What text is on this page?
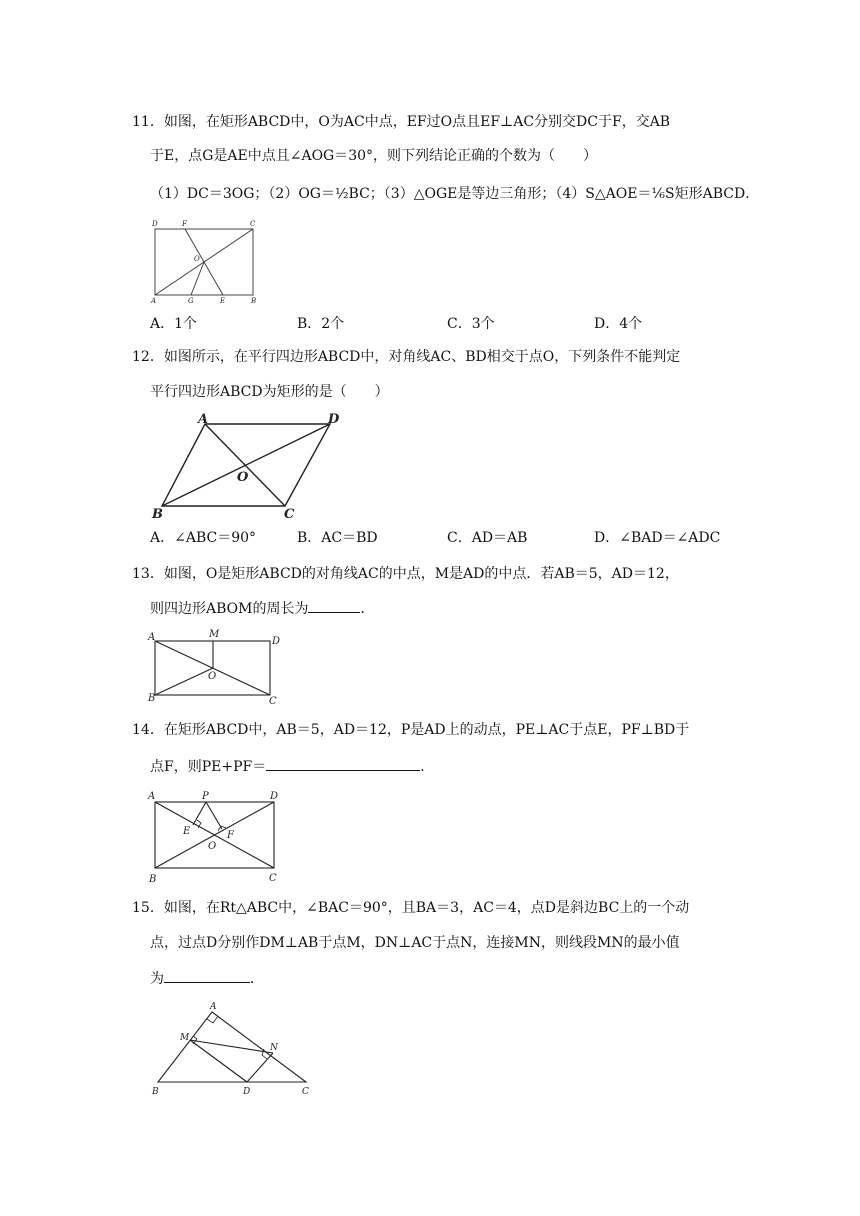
11．如图，在矩形ABCD中，O为AC中点，EF过O点且EF⊥AC分别交DC于F，交AB
于E，点G是AE中点且∠AOG＝30°，则下列结论正确的个数为（　　）
（1）DC＝3OG；（2）OG＝½BC；（3）△OGE是等边三角形；（4）S△AOE＝⅙S矩形ABCD．
D	F	C
O
A	G	E	B
A．1个	B．2个	C．3个	D．4个
12．如图所示，在平行四边形ABCD中，对角线AC、BD相交于点O，下列条件不能判定
平行四边形ABCD为矩形的是（　　）
A	D
O
B	C
A．∠ABC＝90°	B．AC＝BD	C．AD＝AB	D．∠BAD＝∠ADC
13．如图，O是矩形ABCD的对角线AC的中点，M是AD的中点．若AB＝5，AD＝12，
则四边形ABOM的周长为	．
A	M
D
O
B	C
14．在矩形ABCD中，AB＝5，AD＝12，P是AD上的动点，PE⊥AC于点E，PF⊥BD于
点F，则PE+PF＝	．
A	P	D
E	F
O
B	C
15．如图，在Rt△ABC中，∠BAC＝90°，且BA＝3，AC＝4，点D是斜边BC上的一个动
点，过点D分别作DM⊥AB于点M，DN⊥AC于点N，连接MN，则线段MN的最小值
为	．
A
M
N
B	D	C
